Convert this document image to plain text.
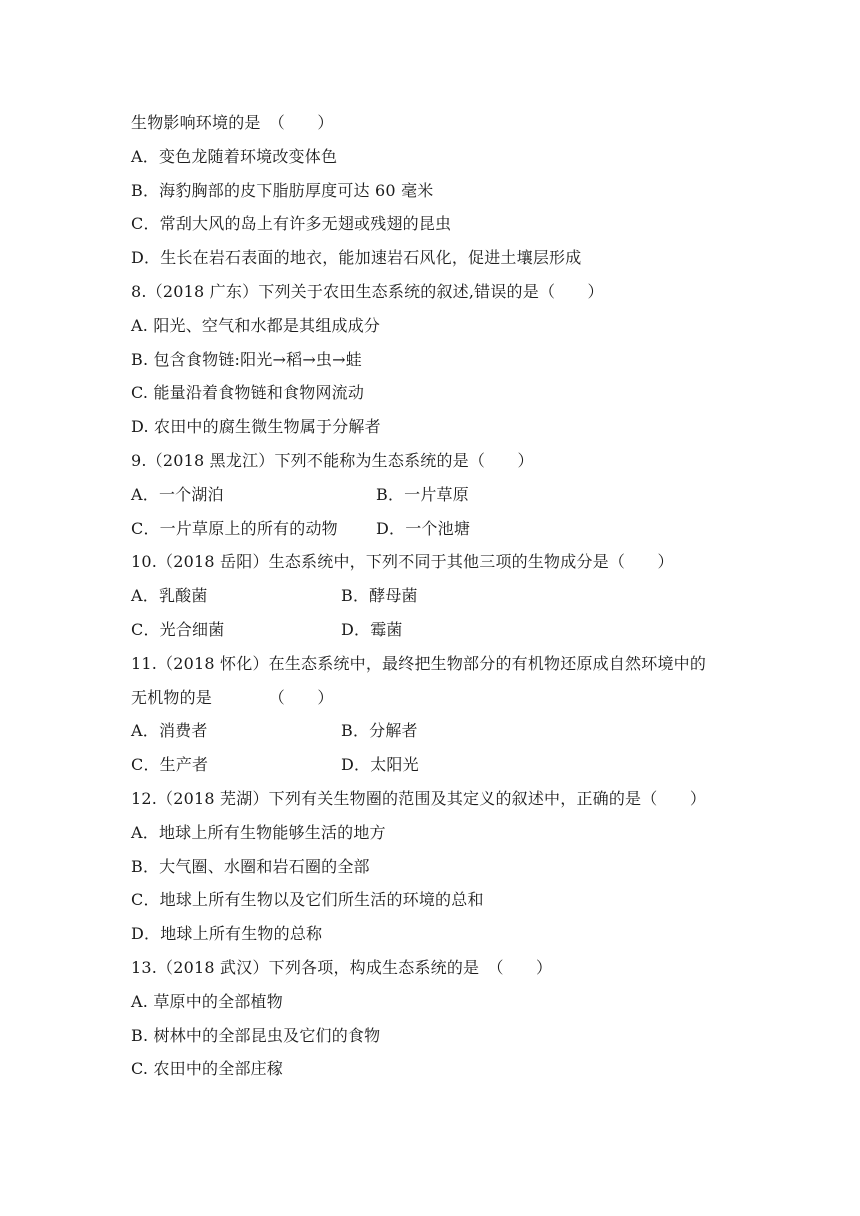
生物影响环境的是　（　　）
A．变色龙随着环境改变体色
B．海豹胸部的皮下脂肪厚度可达 60 毫米
C．常刮大风的岛上有许多无翅或残翅的昆虫
D．生长在岩石表面的地衣，能加速岩石风化，促进土壤层形成
8.（2018 广东）下列关于农田生态系统的叙述,错误的是（　　）
A. 阳光、空气和水都是其组成成分
B. 包含食物链:阳光→稻→虫→蛙
C. 能量沿着食物链和食物网流动
D. 农田中的腐生微生物属于分解者
9.（2018 黑龙江）下列不能称为生态系统的是（　　）
A．一个湖泊	B．一片草原
C．一片草原上的所有的动物	D．一个池塘
10.（2018 岳阳）生态系统中，下列不同于其他三项的生物成分是（　　）
A．乳酸菌	B．酵母菌
C．光合细菌	D．霉菌
11.（2018 怀化）在生态系统中，最终把生物部分的有机物还原成自然环境中的
无机物的是　　　　（　　）
A．消费者	B．分解者
C．生产者	D．太阳光
12.（2018 芜湖）下列有关生物圈的范围及其定义的叙述中，正确的是（　　）
A．地球上所有生物能够生活的地方
B．大气圈、水圈和岩石圈的全部
C．地球上所有生物以及它们所生活的环境的总和
D．地球上所有生物的总称
13.（2018 武汉）下列各项，构成生态系统的是　（　　）
A. 草原中的全部植物
B. 树林中的全部昆虫及它们的食物
C. 农田中的全部庄稼
